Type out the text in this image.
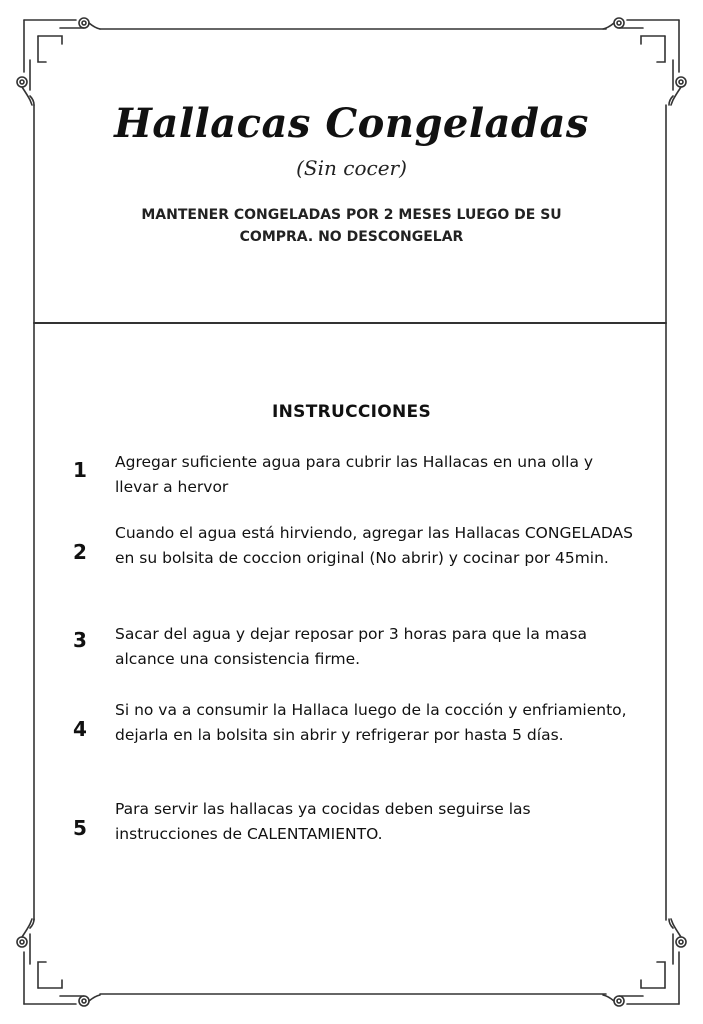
Hallacas Congeladas
(Sin cocer)
MANTENER CONGELADAS POR 2 MESES LUEGO DE SU COMPRA. NO DESCONGELAR
INSTRUCCIONES
1	Agregar suficiente agua para cubrir las Hallacas en una olla y llevar a hervor
2
Cuando el agua está hirviendo, agregar las Hallacas CONGELADAS en su bolsita de coccion original (No abrir) y cocinar por 45min.
3	Sacar del agua y dejar reposar por 3 horas para que la masa alcance una consistencia firme.
4
Si no va a consumir la Hallaca luego de la cocción y enfriamiento, dejarla en la bolsita sin abrir y refrigerar por hasta 5 días.
5
Para servir las hallacas ya cocidas deben seguirse las instrucciones de CALENTAMIENTO.
